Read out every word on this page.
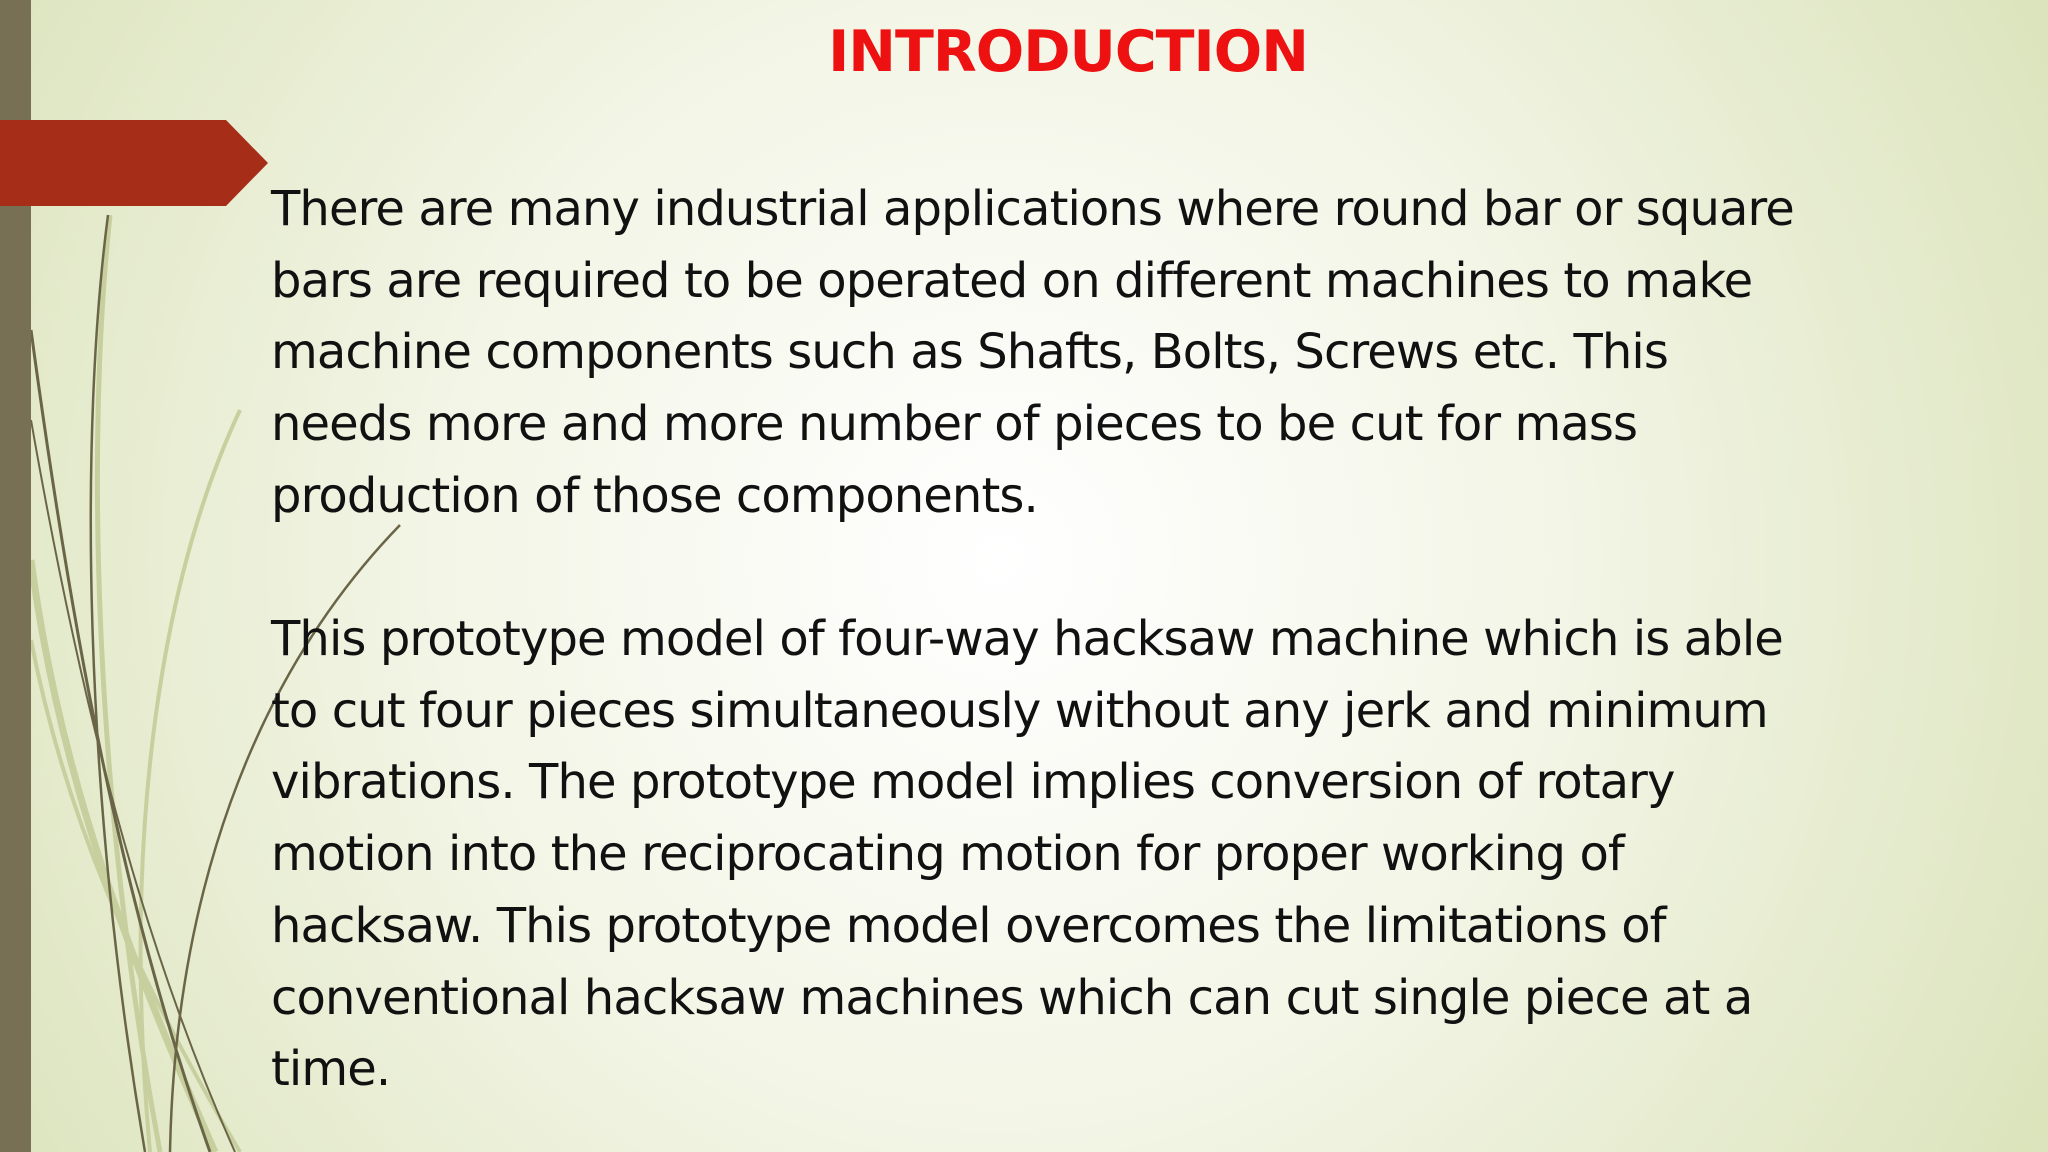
INTRODUCTION
There are many industrial applications where round bar or square
bars are required to be operated on different machines to make
machine components such as Shafts, Bolts, Screws etc. This
needs more and more number of pieces to be cut for mass
production of those components.
This prototype model of four-way hacksaw machine which is able
to cut four pieces simultaneously without any jerk and minimum
vibrations. The prototype model implies conversion of rotary
motion into the reciprocating motion for proper working of
hacksaw. This prototype model overcomes the limitations of
conventional hacksaw machines which can cut single piece at a
time.
